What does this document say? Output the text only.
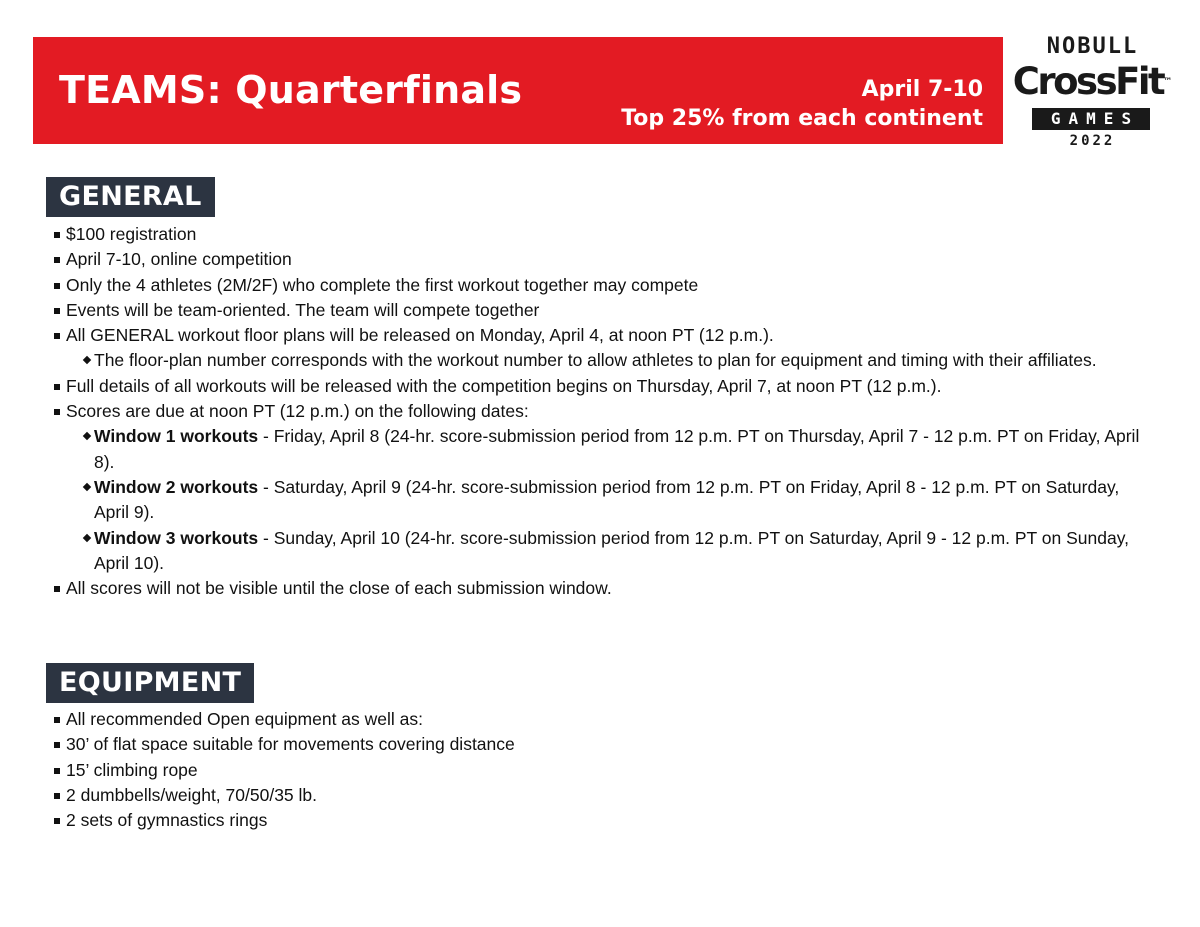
TEAMS: Quarterfinals	April 7-10
Top 25% from each continent
NOBULL
CrossFit™
GAMES
2022
GENERAL
$100 registration
April 7-10, online competition
Only the 4 athletes (2M/2F) who complete the first workout together may compete
Events will be team-oriented. The team will compete together
All GENERAL workout floor plans will be released on Monday, April 4, at noon PT (12 p.m.).
The floor-plan number corresponds with the workout number to allow athletes to plan for equipment and timing with their affiliates.
Full details of all workouts will be released with the competition begins on Thursday, April 7, at noon PT (12 p.m.).
Scores are due at noon PT (12 p.m.) on the following dates:
Window 1 workouts - Friday, April 8 (24-hr. score-submission period from 12 p.m. PT on Thursday, April 7 - 12 p.m. PT on Friday, April 8).
Window 2 workouts - Saturday, April 9 (24-hr. score-submission period from 12 p.m. PT on Friday, April 8 - 12 p.m. PT on Saturday, April 9).
Window 3 workouts - Sunday, April 10 (24-hr. score-submission period from 12 p.m. PT on Saturday, April 9 - 12 p.m. PT on Sunday, April 10).
All scores will not be visible until the close of each submission window.
EQUIPMENT
All recommended Open equipment as well as:
30’ of flat space suitable for movements covering distance
15’ climbing rope
2 dumbbells/weight, 70/50/35 lb.
2 sets of gymnastics rings
